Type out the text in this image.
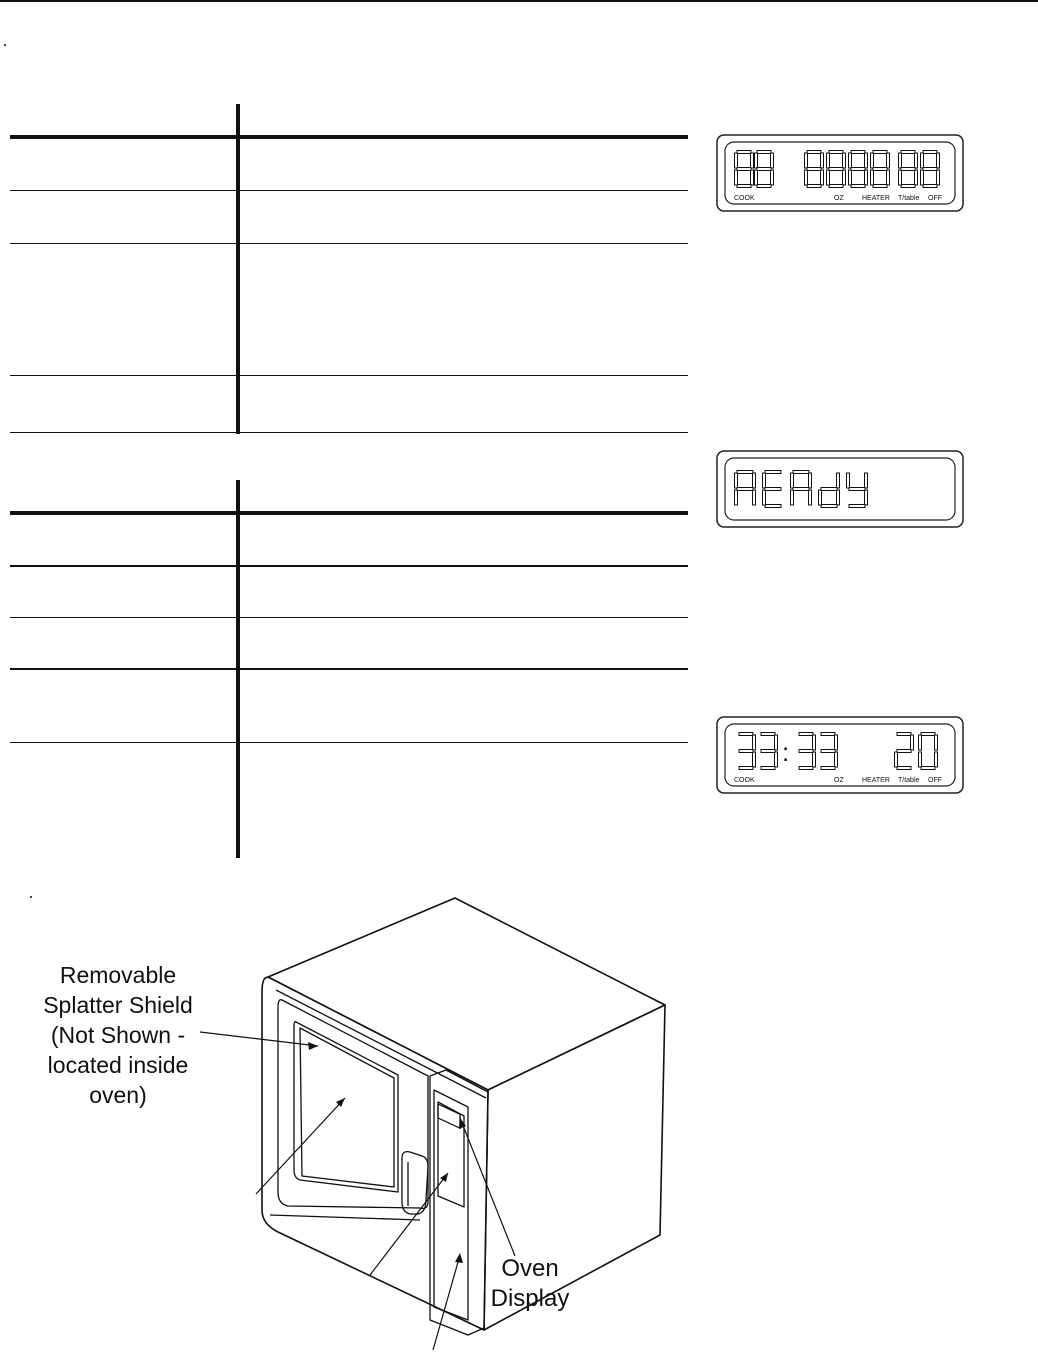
COOK	OZ	HEATER T/table OFF
:
COOK	OZ	HEATER T/table OFF
Removable
Splatter Shield
(Not Shown -
located inside
oven)
Oven
Display
